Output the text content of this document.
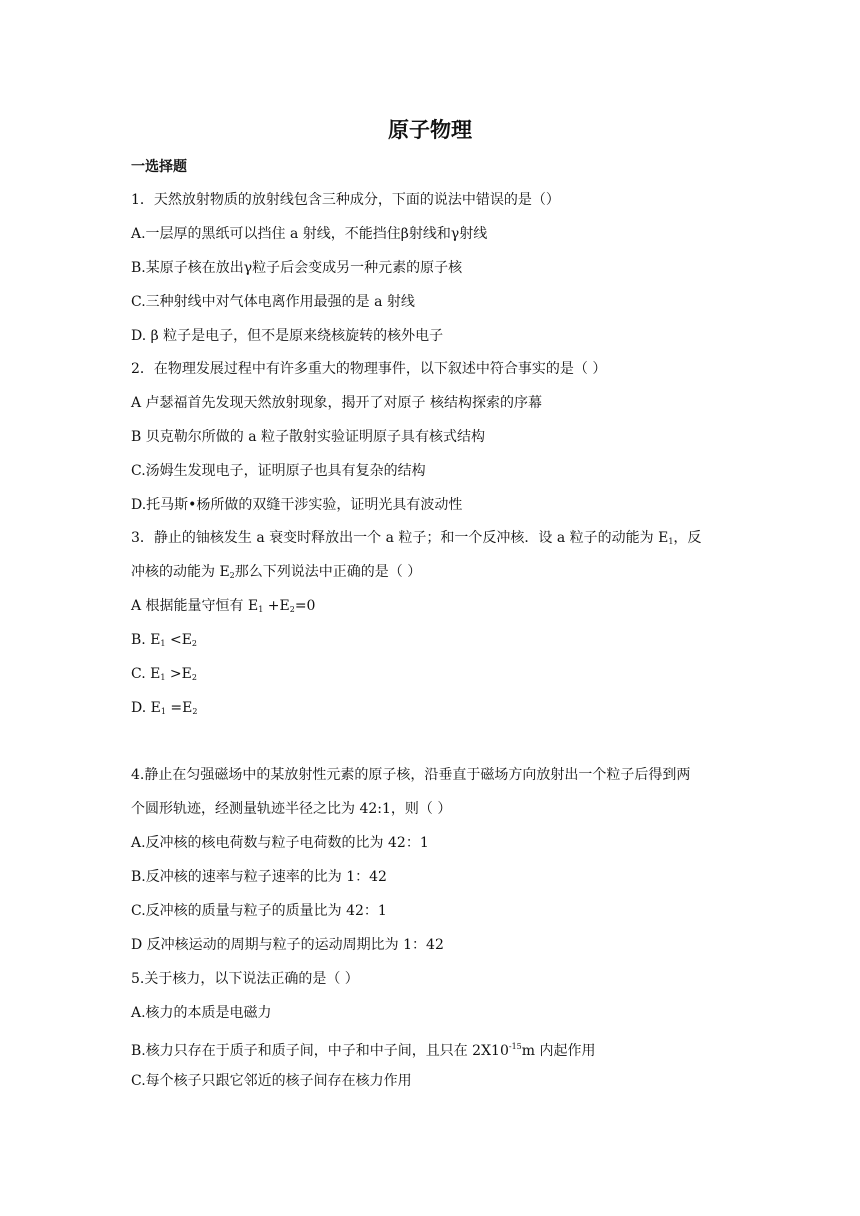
原子物理
一选择题
1．天然放射物质的放射线包含三种成分，下面的说法中错误的是（）
A.一层厚的黑纸可以挡住 a 射线，不能挡住β射线和γ射线
B.某原子核在放出γ粒子后会变成另一种元素的原子核
C.三种射线中对气体电离作用最强的是 a 射线
D. β 粒子是电子，但不是原来绕核旋转的核外电子
2．在物理发展过程中有许多重大的物理事件，以下叙述中符合事实的是（ ）
A 卢瑟福首先发现天然放射现象，揭开了对原子 核结构探索的序幕
B 贝克勒尔所做的 a 粒子散射实验证明原子具有核式结构
C.汤姆生发现电子，证明原子也具有复杂的结构
D.托马斯•杨所做的双缝干涉实验，证明光具有波动性
3．静止的铀核发生 a 衰变时释放出一个 a 粒子；和一个反冲核．设 a 粒子的动能为 $E_1$，反
冲核的动能为 $E_2$那么下列说法中正确的是（ ）
A 根据能量守恒有 $E_1 +E_2=0$
B. $E_1 <E_2$
C. $E_1 >E_2$
D. $E_1 =E_2$
4.静止在匀强磁场中的某放射性元素的原子核，沿垂直于磁场方向放射出一个粒子后得到两
个圆形轨迹，经测量轨迹半径之比为 42:1，则（ ）
A.反冲核的核电荷数与粒子电荷数的比为 42：1
B.反冲核的速率与粒子速率的比为 1：42
C.反冲核的质量与粒子的质量比为 42：1
D 反冲核运动的周期与粒子的运动周期比为 1：42
5.关于核力，以下说法正确的是（ ）
A.核力的本质是电磁力
B.核力只存在于质子和质子间，中子和中子间，且只在 $2X10^{-15}m$ 内起作用
C.每个核子只跟它邻近的核子间存在核力作用
